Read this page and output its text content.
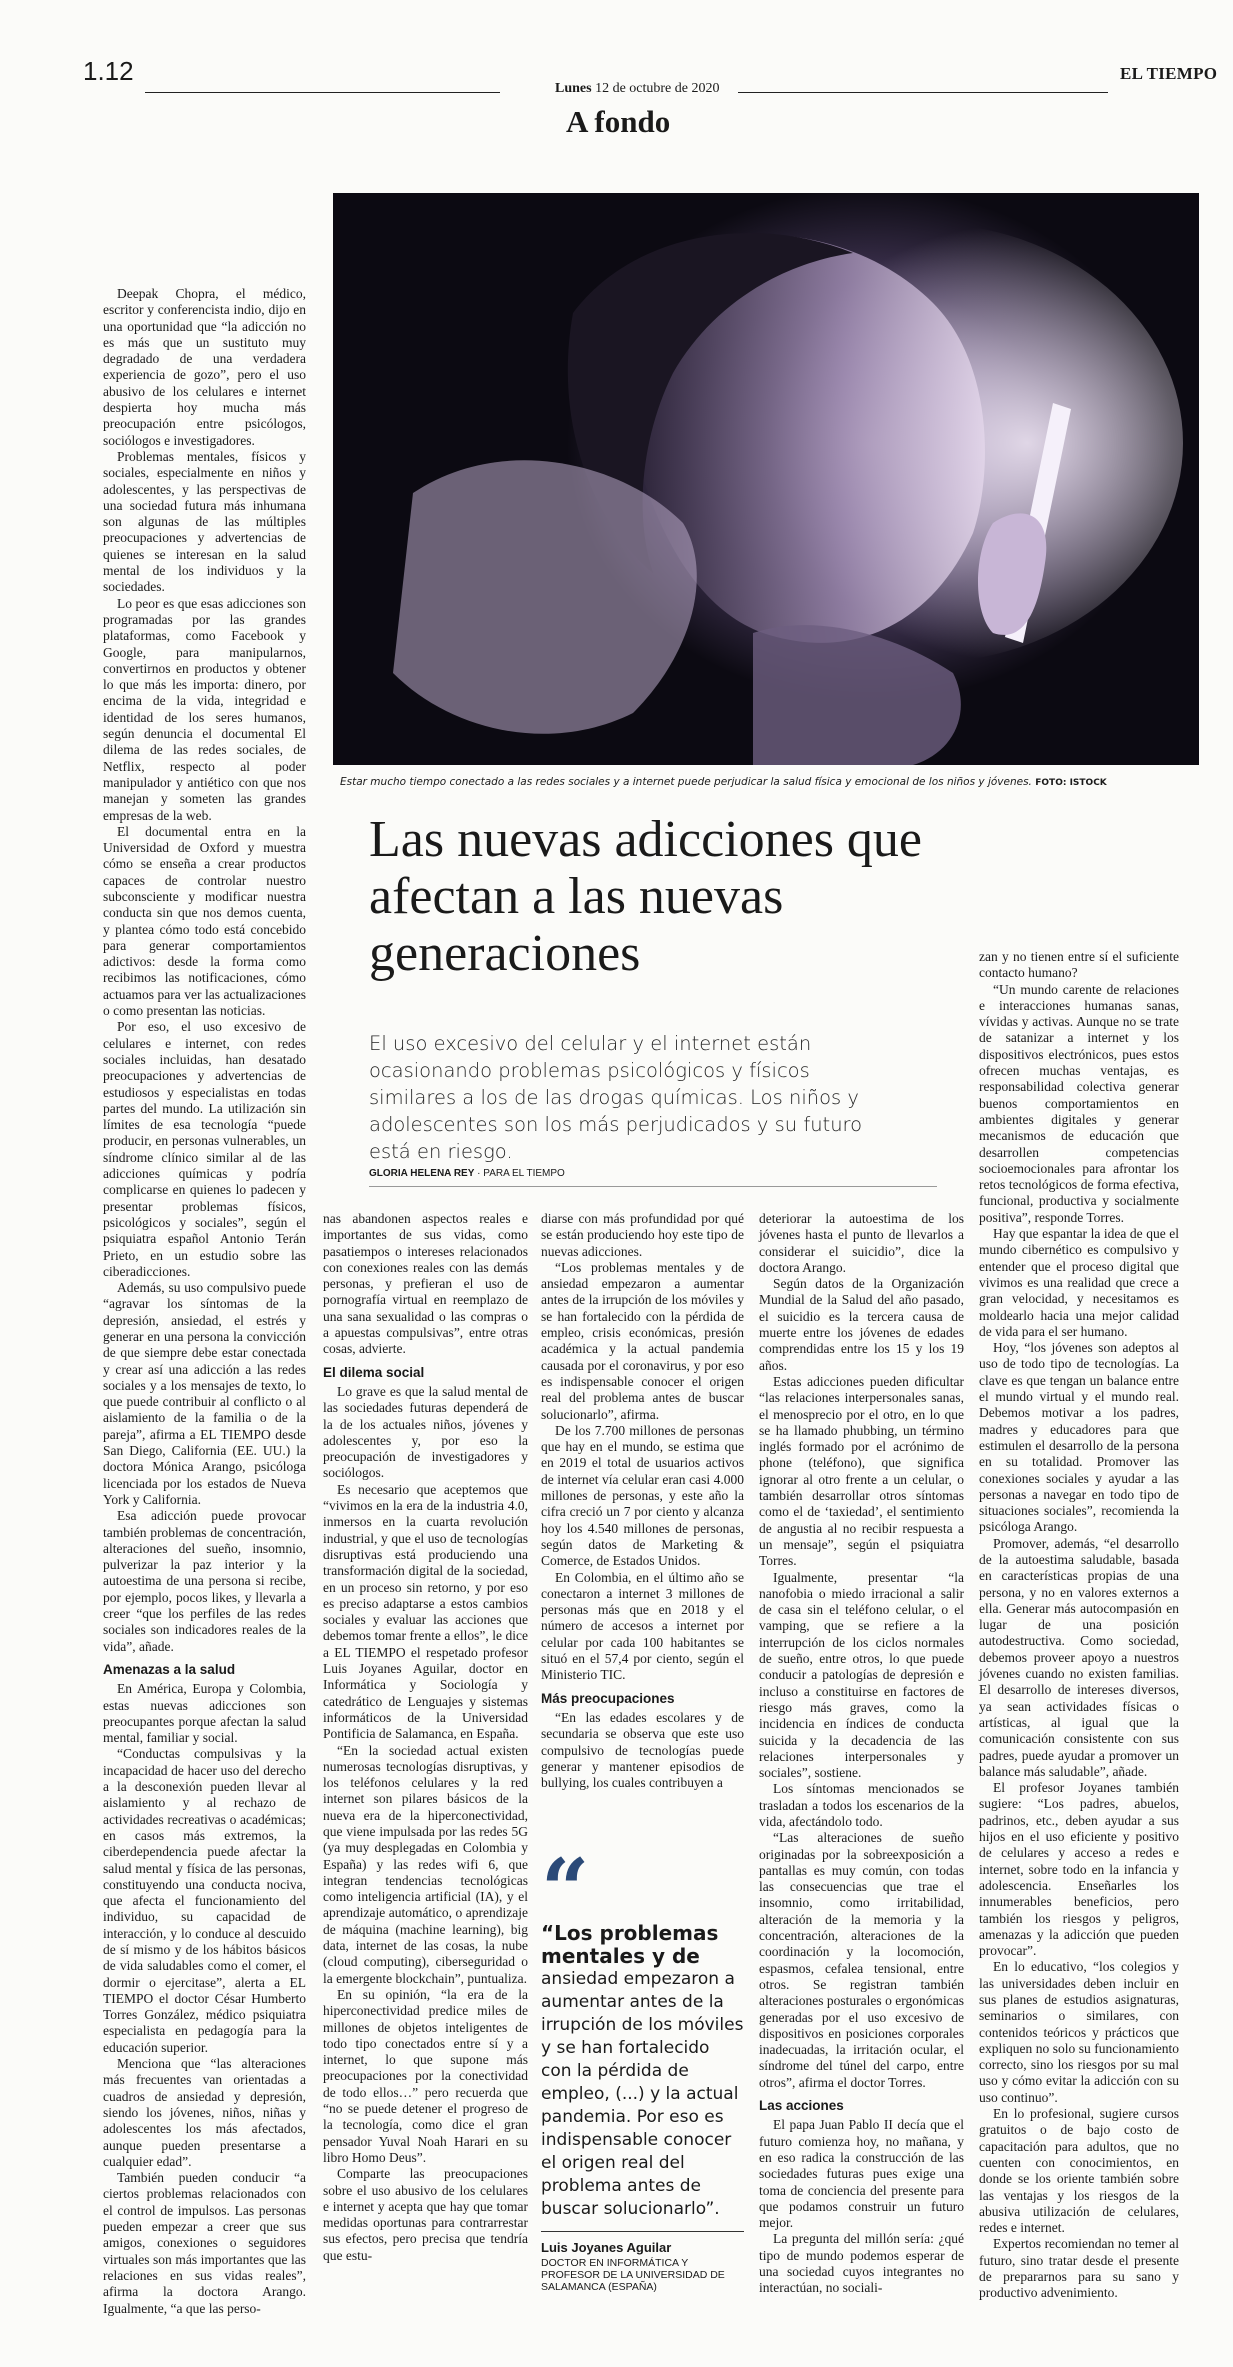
1.12
Lunes 12 de octubre de 2020
EL TIEMPO
A fondo
Estar mucho tiempo conectado a las redes sociales y a internet puede perjudicar la salud física y emocional de los niños y jóvenes. FOTO: ISTOCK
Las nuevas adicciones que afectan a las nuevas generaciones

El uso excesivo del celular y el internet están ocasionando problemas psicológicos y físicos similares a los de las drogas químicas. Los niños y adolescentes son los más perjudicados y su futuro está en riesgo.

GLORIA HELENA REY · PARA EL TIEMPO

Deepak Chopra, el médico, escritor y conferencista indio, dijo en una oportunidad que “la adicción no es más que un sustituto muy degradado de una verdadera experiencia de gozo”, pero el uso abusivo de los celulares e internet despierta hoy mucha más preocupación entre psicólogos, sociólogos e investigadores.

Problemas mentales, físicos y sociales, especialmente en niños y adolescentes, y las perspectivas de una sociedad futura más inhumana son algunas de las múltiples preocupaciones y advertencias de quienes se interesan en la salud mental de los individuos y la sociedades.

Lo peor es que esas adicciones son programadas por las grandes plataformas, como Facebook y Google, para manipularnos, convertirnos en productos y obtener lo que más les importa: dinero, por encima de la vida, integridad e identidad de los seres humanos, según denuncia el documental El dilema de las redes sociales, de Netflix, respecto al poder manipulador y antiético con que nos manejan y someten las grandes empresas de la web.

El documental entra en la Universidad de Oxford y muestra cómo se enseña a crear productos capaces de controlar nuestro subconsciente y modificar nuestra conducta sin que nos demos cuenta, y plantea cómo todo está concebido para generar comportamientos adictivos: desde la forma como recibimos las notificaciones, cómo actuamos para ver las actualizaciones o como presentan las noticias.

Por eso, el uso excesivo de celulares e internet, con redes sociales incluidas, han desatado preocupaciones y advertencias de estudiosos y especialistas en todas partes del mundo. La utilización sin límites de esa tecnología “puede producir, en personas vulnerables, un síndrome clínico similar al de las adicciones químicas y podría complicarse en quienes lo padecen y presentar problemas físicos, psicológicos y sociales”, según el psiquiatra español Antonio Terán Prieto, en un estudio sobre las ciberadicciones.

Además, su uso compulsivo puede “agravar los síntomas de la depresión, ansiedad, el estrés y generar en una persona la convicción de que siempre debe estar conectada y crear así una adicción a las redes sociales y a los mensajes de texto, lo que puede contribuir al conflicto o al aislamiento de la familia o de la pareja”, afirma a EL TIEMPO desde San Diego, California (EE. UU.) la doctora Mónica Arango, psicóloga licenciada por los estados de Nueva York y California.

Esa adicción puede provocar también problemas de concentración, alteraciones del sueño, insomnio, pulverizar la paz interior y la autoestima de una persona si recibe, por ejemplo, pocos likes, y llevarla a creer “que los perfiles de las redes sociales son indicadores reales de la vida”, añade.

Amenazas a la salud

En América, Europa y Colombia, estas nuevas adicciones son preocupantes porque afectan la salud mental, familiar y social.

“Conductas compulsivas y la incapacidad de hacer uso del derecho a la desconexión pueden llevar al aislamiento y al rechazo de actividades recreativas o académicas; en casos más extremos, la ciberdependencia puede afectar la salud mental y física de las personas, constituyendo una conducta nociva, que afecta el funcionamiento del individuo, su capacidad de interacción, y lo conduce al descuido de sí mismo y de los hábitos básicos de vida saludables como el comer, el dormir o ejercitase”, alerta a EL TIEMPO el doctor César Humberto Torres González, médico psiquiatra especialista en pedagogía para la educación superior.

Menciona que “las alteraciones más frecuentes van orientadas a cuadros de ansiedad y depresión, siendo los jóvenes, niños, niñas y adolescentes los más afectados, aunque pueden presentarse a cualquier edad”.

También pueden conducir “a ciertos problemas relacionados con el control de impulsos. Las personas pueden empezar a creer que sus amigos, conexiones o seguidores virtuales son más importantes que las relaciones en sus vidas reales”, afirma la doctora Arango. Igualmente, “a que las perso-

nas abandonen aspectos reales e importantes de sus vidas, como pasatiempos o intereses relacionados con conexiones reales con las demás personas, y prefieran el uso de pornografía virtual en reemplazo de una sana sexualidad o las compras o a apuestas compulsivas”, entre otras cosas, advierte.

El dilema social

Lo grave es que la salud mental de las sociedades futuras dependerá de la de los actuales niños, jóvenes y adolescentes y, por eso la preocupación de investigadores y sociólogos.

Es necesario que aceptemos que “vivimos en la era de la industria 4.0, inmersos en la cuarta revolución industrial, y que el uso de tecnologías disruptivas está produciendo una transformación digital de la sociedad, en un proceso sin retorno, y por eso es preciso adaptarse a estos cambios sociales y evaluar las acciones que debemos tomar frente a ellos”, le dice a EL TIEMPO el respetado profesor Luis Joyanes Aguilar, doctor en Informática y Sociología y catedrático de Lenguajes y sistemas informáticos de la Universidad Pontificia de Salamanca, en España.

“En la sociedad actual existen numerosas tecnologías disruptivas, y los teléfonos celulares y la red internet son pilares básicos de la nueva era de la hiperconectividad, que viene impulsada por las redes 5G (ya muy desplegadas en Colombia y España) y las redes wifi 6, que integran tendencias tecnológicas como inteligencia artificial (IA), y el aprendizaje automático, o aprendizaje de máquina (machine learning), big data, internet de las cosas, la nube (cloud computing), ciberseguridad o la emergente blockchain”, puntualiza.

En su opinión, “la era de la hiperconectividad predice miles de millones de objetos inteligentes de todo tipo conectados entre sí y a internet, lo que supone más preocupaciones por la conectividad de todo ellos…” pero recuerda que “no se puede detener el progreso de la tecnología, como dice el gran pensador Yuval Noah Harari en su libro Homo Deus”.

Comparte las preocupaciones sobre el uso abusivo de los celulares e internet y acepta que hay que tomar medidas oportunas para contrarrestar sus efectos, pero precisa que tendría que estu-

diarse con más profundidad por qué se están produciendo hoy este tipo de nuevas adicciones.

“Los problemas mentales y de ansiedad empezaron a aumentar antes de la irrupción de los móviles y se han fortalecido con la pérdida de empleo, crisis económicas, presión académica y la actual pandemia causada por el coronavirus, y por eso es indispensable conocer el origen real del problema antes de buscar solucionarlo”, afirma.

De los 7.700 millones de personas que hay en el mundo, se estima que en 2019 el total de usuarios activos de internet vía celular eran casi 4.000 millones de personas, y este año la cifra creció un 7 por ciento y alcanza hoy los 4.540 millones de personas, según datos de Marketing & Comerce, de Estados Unidos.

En Colombia, en el último año se conectaron a internet 3 millones de personas más que en 2018 y el número de accesos a internet por celular por cada 100 habitantes se situó en el 57,4 por ciento, según el Ministerio TIC.

Más preocupaciones

“En las edades escolares y de secundaria se observa que este uso compulsivo de tecnologías puede generar y mantener episodios de bullying, los cuales contribuyen a

“

“Los problemas mentales y de

ansiedad empezaron a aumentar antes de la irrupción de los móviles y se han fortalecido con la pérdida de empleo, (...) y la actual pandemia. Por eso es indispensable conocer el origen real del problema antes de buscar solucionarlo”.

Luis Joyanes Aguilar

DOCTOR EN INFORMÁTICA Y PROFESOR DE LA UNIVERSIDAD DE SALAMANCA (ESPAÑA)

deteriorar la autoestima de los jóvenes hasta el punto de llevarlos a considerar el suicidio”, dice la doctora Arango.

Según datos de la Organización Mundial de la Salud del año pasado, el suicidio es la tercera causa de muerte entre los jóvenes de edades comprendidas entre los 15 y los 19 años.

Estas adicciones pueden dificultar “las relaciones interpersonales sanas, el menosprecio por el otro, en lo que se ha llamado phubbing, un término inglés formado por el acrónimo de phone (teléfono), que significa ignorar al otro frente a un celular, o también desarrollar otros síntomas como el de ‘taxiedad’, el sentimiento de angustia al no recibir respuesta a un mensaje”, según el psiquiatra Torres.

Igualmente, presentar “la nanofobia o miedo irracional a salir de casa sin el teléfono celular, o el vamping, que se refiere a la interrupción de los ciclos normales de sueño, entre otros, lo que puede conducir a patologías de depresión e incluso a constituirse en factores de riesgo más graves, como la incidencia en índices de conducta suicida y la decadencia de las relaciones interpersonales y sociales”, sostiene.

Los síntomas mencionados se trasladan a todos los escenarios de la vida, afectándolo todo.

“Las alteraciones de sueño originadas por la sobreexposición a pantallas es muy común, con todas las consecuencias que trae el insomnio, como irritabilidad, alteración de la memoria y la concentración, alteraciones de la coordinación y la locomoción, espasmos, cefalea tensional, entre otros. Se registran también alteraciones posturales o ergonómicas generadas por el uso excesivo de dispositivos en posiciones corporales inadecuadas, la irritación ocular, el síndrome del túnel del carpo, entre otros”, afirma el doctor Torres.

Las acciones

El papa Juan Pablo II decía que el futuro comienza hoy, no mañana, y en eso radica la construcción de las sociedades futuras pues exige una toma de conciencia del presente para que podamos construir un futuro mejor.

La pregunta del millón sería: ¿qué tipo de mundo podemos esperar de una sociedad cuyos integrantes no interactúan, no sociali-

zan y no tienen entre sí el suficiente contacto humano?

“Un mundo carente de relaciones e interacciones humanas sanas, vívidas y activas. Aunque no se trate de satanizar a internet y los dispositivos electrónicos, pues estos ofrecen muchas ventajas, es responsabilidad colectiva generar buenos comportamientos en ambientes digitales y generar mecanismos de educación que desarrollen competencias socioemocionales para afrontar los retos tecnológicos de forma efectiva, funcional, productiva y socialmente positiva”, responde Torres.

Hay que espantar la idea de que el mundo cibernético es compulsivo y entender que el proceso digital que vivimos es una realidad que crece a gran velocidad, y necesitamos es moldearlo hacia una mejor calidad de vida para el ser humano.

Hoy, “los jóvenes son adeptos al uso de todo tipo de tecnologías. La clave es que tengan un balance entre el mundo virtual y el mundo real. Debemos motivar a los padres, madres y educadores para que estimulen el desarrollo de la persona en su totalidad. Promover las conexiones sociales y ayudar a las personas a navegar en todo tipo de situaciones sociales”, recomienda la psicóloga Arango.

Promover, además, “el desarrollo de la autoestima saludable, basada en características propias de una persona, y no en valores externos a ella. Generar más autocompasión en lugar de una posición autodestructiva. Como sociedad, debemos proveer apoyo a nuestros jóvenes cuando no existen familias. El desarrollo de intereses diversos, ya sean actividades físicas o artísticas, al igual que la comunicación consistente con sus padres, puede ayudar a promover un balance más saludable”, añade.

El profesor Joyanes también sugiere: “Los padres, abuelos, padrinos, etc., deben ayudar a sus hijos en el uso eficiente y positivo de celulares y acceso a redes e internet, sobre todo en la infancia y adolescencia. Enseñarles los innumerables beneficios, pero también los riesgos y peligros, amenazas y la adicción que pueden provocar”.

En lo educativo, “los colegios y las universidades deben incluir en sus planes de estudios asignaturas, seminarios o similares, con contenidos teóricos y prácticos que expliquen no solo su funcionamiento correcto, sino los riesgos por su mal uso y cómo evitar la adicción con su uso continuo”.

En lo profesional, sugiere cursos gratuitos o de bajo costo de capacitación para adultos, que no cuenten con conocimientos, en donde se los oriente también sobre las ventajas y los riesgos de la abusiva utilización de celulares, redes e internet.

Expertos recomiendan no temer al futuro, sino tratar desde el presente de prepararnos para su sano y productivo advenimiento.
